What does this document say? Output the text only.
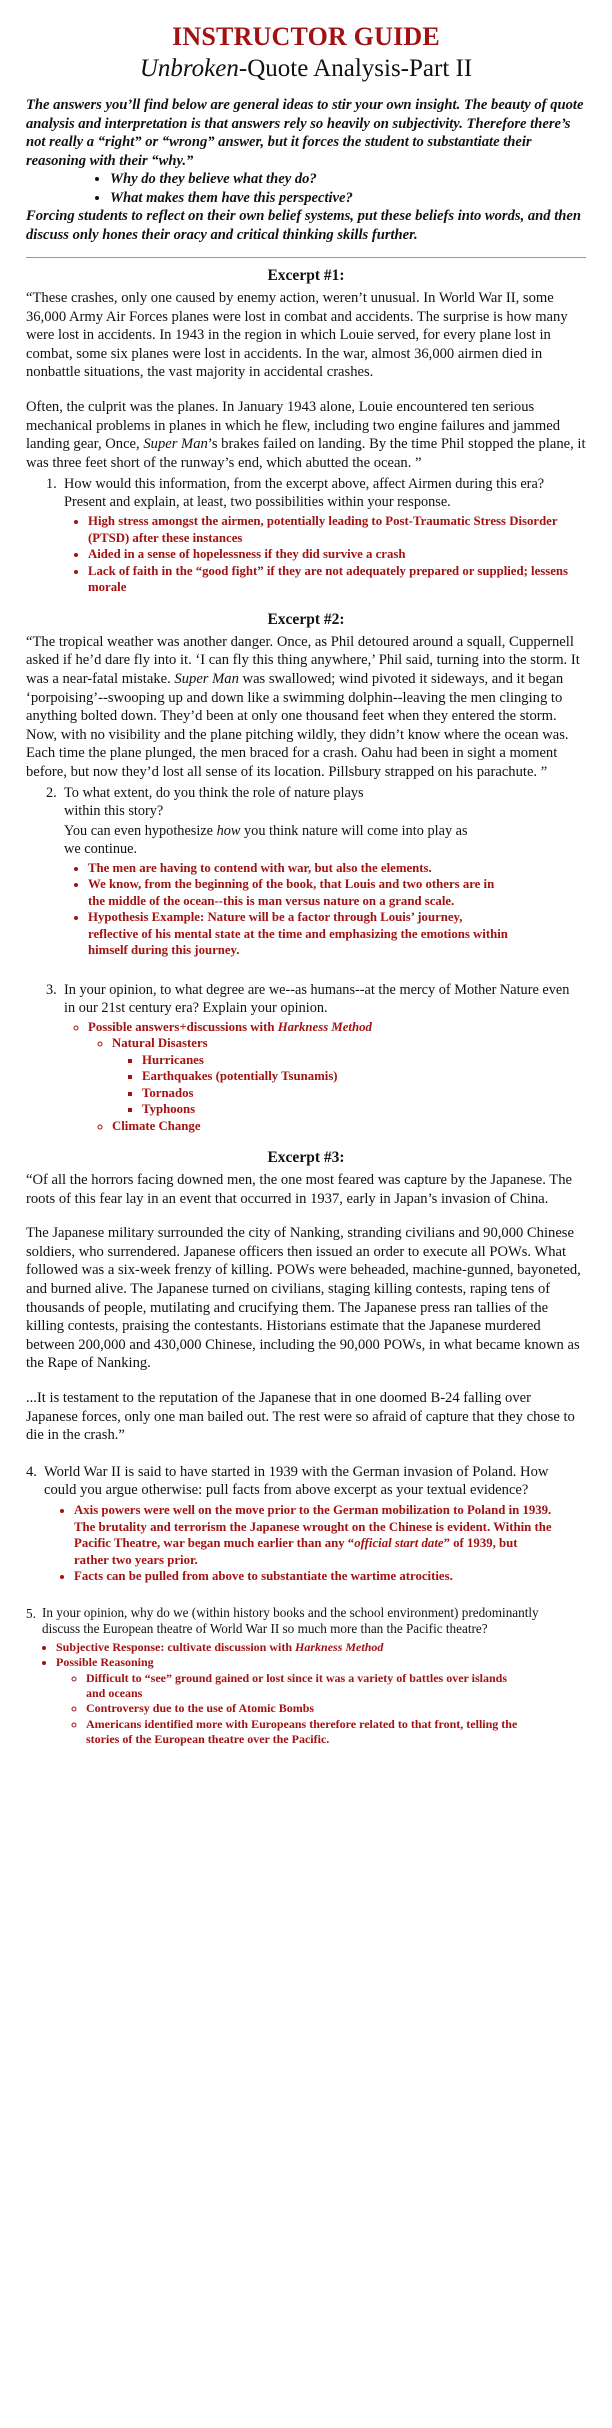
INSTRUCTOR GUIDE
Unbroken-Quote Analysis-Part II
The answers you’ll find below are general ideas to stir your own insight. The beauty of quote analysis and interpretation is that answers rely so heavily on subjectivity. Therefore there’s not really a “right” or “wrong” answer, but it forces the student to substantiate their reasoning with their “why.”
• Why do they believe what they do?
• What makes them have this perspective?
Forcing students to reflect on their own belief systems, put these beliefs into words, and then discuss only hones their oracy and critical thinking skills further.
Excerpt #1:

“These crashes, only one caused by enemy action, weren’t unusual. In World War II, some 36,000 Army Air Forces planes were lost in combat and accidents. The surprise is how many were lost in accidents. In 1943 in the region in which Louie served, for every plane lost in combat, some six planes were lost in accidents. In the war, almost 36,000 airmen died in nonbattle situations, the vast majority in accidental crashes.

Often, the culprit was the planes. In January 1943 alone, Louie encountered ten serious mechanical problems in planes in which he flew, including two engine failures and jammed landing gear, Once, Super Man’s brakes failed on landing. By the time Phil stopped the plane, it was three feet short of the runway’s end, which abutted the ocean. ”

1. How would this information, from the excerpt above, affect Airmen during this era? Present and explain, at least, two possibilities within your response.
• High stress amongst the airmen, potentially leading to Post-Traumatic Stress Disorder (PTSD) after these instances
• Aided in a sense of hopelessness if they did survive a crash
• Lack of faith in the “good fight” if they are not adequately prepared or supplied; lessens morale
Excerpt #2:

“The tropical weather was another danger. Once, as Phil detoured around a squall, Cuppernell asked if he’d dare fly into it. ‘I can fly this thing anywhere,’ Phil said, turning into the storm. It was a near-fatal mistake. Super Man was swallowed; wind pivoted it sideways, and it began ‘porpoising’--swooping up and down like a swimming dolphin--leaving the men clinging to anything bolted down. They’d been at only one thousand feet when they entered the storm. Now, with no visibility and the plane pitching wildly, they didn’t know where the ocean was. Each time the plane plunged, the men braced for a crash. Oahu had been in sight a moment before, but now they’d lost all sense of its location. Pillsbury strapped on his parachute. ”

2. To what extent, do you think the role of nature plays within this story?
You can even hypothesize how you think nature will come into play as we continue.
• The men are having to contend with war, but also the elements.
• We know, from the beginning of the book, that Louis and two others are in the middle of the ocean--this is man versus nature on a grand scale.
• Hypothesis Example: Nature will be a factor through Louis’ journey, reflective of his mental state at the time and emphasizing the emotions within himself during this journey.
3. In your opinion, to what degree are we--as humans--at the mercy of Mother Nature even in our 21st century era? Explain your opinion.
◦ Possible answers+discussions with Harkness Method
◦ Natural Disasters
▪ Hurricanes
▪ Earthquakes (potentially Tsunamis)
▪ Tornados
▪ Typhoons
◦ Climate Change
Excerpt #3:

“Of all the horrors facing downed men, the one most feared was capture by the Japanese. The roots of this fear lay in an event that occurred in 1937, early in Japan’s invasion of China.

The Japanese military surrounded the city of Nanking, stranding civilians and 90,000 Chinese soldiers, who surrendered. Japanese officers then issued an order to execute all POWs. What followed was a six-week frenzy of killing. POWs were beheaded, machine-gunned, bayoneted, and burned alive. The Japanese turned on civilians, staging killing contests, raping tens of thousands of people, mutilating and crucifying them. The Japanese press ran tallies of the killing contests, praising the contestants. Historians estimate that the Japanese murdered between 200,000 and 430,000 Chinese, including the 90,000 POWs, in what became known as the Rape of Nanking.

...It is testament to the reputation of the Japanese that in one doomed B-24 falling over Japanese forces, only one man bailed out. The rest were so afraid of capture that they chose to die in the crash.”

4. World War II is said to have started in 1939 with the German invasion of Poland. How could you argue otherwise: pull facts from above excerpt as your textual evidence?
• Axis powers were well on the move prior to the German mobilization to Poland in 1939. The brutality and terrorism the Japanese wrought on the Chinese is evident. Within the Pacific Theatre, war began much earlier than any “official start date” of 1939, but rather two years prior.
• Facts can be pulled from above to substantiate the wartime atrocities.
5. In your opinion, why do we (within history books and the school environment) predominantly discuss the European theatre of World War II so much more than the Pacific theatre?
• Subjective Response: cultivate discussion with Harkness Method
• Possible Reasoning
◦ Difficult to “see” ground gained or lost since it was a variety of battles over islands and oceans
◦ Controversy due to the use of Atomic Bombs
◦ Americans identified more with Europeans therefore related to that front, telling the stories of the European theatre over the Pacific.
